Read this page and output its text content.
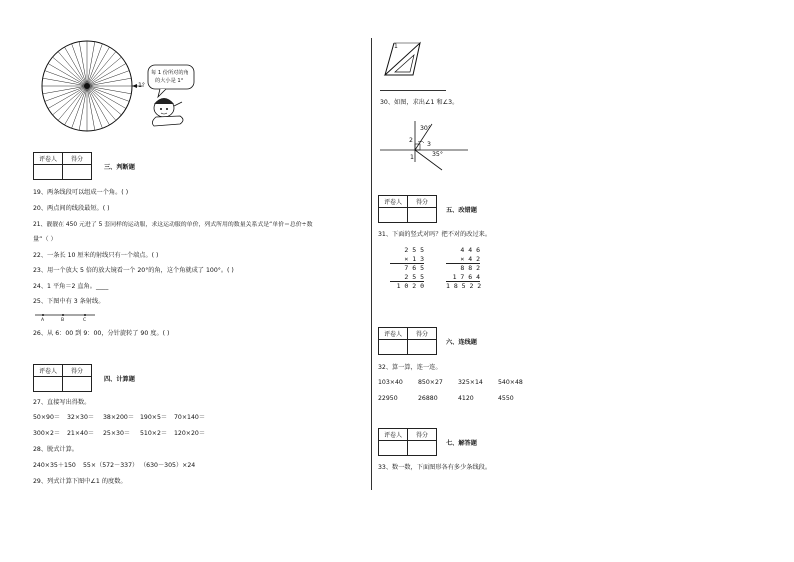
1°
每 1 份所对的角
的大小是 1°
评卷人	得分

三、判断题
19、两条线段可以组成一个角。( )
20、两点间的线段最短。( )
21、靓靓在 450 元进了 5 套同样的运动服，求这运动服的单价，列式所用的数量关系式是“单价＝总价÷数
量”（ ）
22、一条长 10 厘米的射线只有一个端点。( )
23、用一个放大 5 倍的放大镜看一个 20°的角，这个角就成了 100°。( )
24、1 平角＝2 直角。____
25、下图中有 3 条射线。
A	B	C
26、从 6：00 到 9：00，分针旋转了 90 度。( )
评卷人	得分

四、计算题
27、直接写出得数。
50×90＝ 32×30＝ 38×200＝ 190×5＝ 70×140＝
300×2＝ 21×40＝ 25×30＝ 510×2＝ 120×20＝
28、脱式计算。
240×35＋150 55×（572－337） （630－305）×24
29、列式计算下图中∠1 的度数。
1
30、如图，求出∠1 和∠3。
30°
2
3
35°
1
评卷人	得分

五、改错题
31、下面的竖式对吗？把不对的改过来。
2 5 5
× 1 3
7 6 5
2 5 5
1 0 2 0
4 4 6
× 4 2
8 8 2
1 7 6 4
1 8 5 2 2
评卷人	得分

六、连线题
32、算一算，连一连。
103×40 850×27 325×14 540×48
22950	26880	4120	4550
评卷人	得分

七、解答题
33、数一数，下面图形各有多少条线段。
